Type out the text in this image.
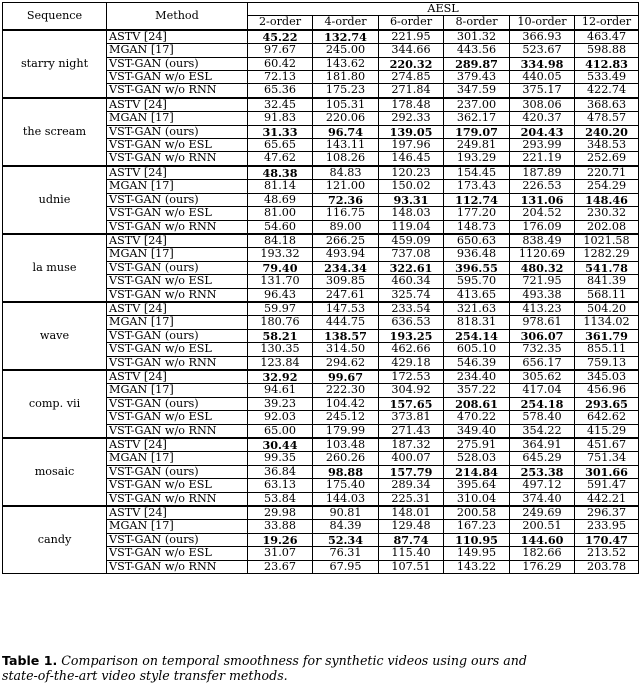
Sequence	Method	AESL					
		2-order	4-order	6-order	8-order	10-order	12-order
starry night	ASTV [24]	45.22	132.74	221.95	301.32	366.93	463.47
	MGAN [17]	97.67	245.00	344.66	443.56	523.67	598.88
	VST-GAN (ours)	60.42	143.62	220.32	289.87	334.98	412.83
	VST-GAN w/o ESL	72.13	181.80	274.85	379.43	440.05	533.49
	VST-GAN w/o RNN	65.36	175.23	271.84	347.59	375.17	422.74
the scream	ASTV [24]	32.45	105.31	178.48	237.00	308.06	368.63
	MGAN [17]	91.83	220.06	292.33	362.17	420.37	478.57
	VST-GAN (ours)	31.33	96.74	139.05	179.07	204.43	240.20
	VST-GAN w/o ESL	65.65	143.11	197.96	249.81	293.99	348.53
	VST-GAN w/o RNN	47.62	108.26	146.45	193.29	221.19	252.69
udnie	ASTV [24]	48.38	84.83	120.23	154.45	187.89	220.71
	MGAN [17]	81.14	121.00	150.02	173.43	226.53	254.29
	VST-GAN (ours)	48.69	72.36	93.31	112.74	131.06	148.46
	VST-GAN w/o ESL	81.00	116.75	148.03	177.20	204.52	230.32
	VST-GAN w/o RNN	54.60	89.00	119.04	148.73	176.09	202.08
la muse	ASTV [24]	84.18	266.25	459.09	650.63	838.49	1021.58
	MGAN [17]	193.32	493.94	737.08	936.48	1120.69	1282.29
	VST-GAN (ours)	79.40	234.34	322.61	396.55	480.32	541.78
	VST-GAN w/o ESL	131.70	309.85	460.34	595.70	721.95	841.39
	VST-GAN w/o RNN	96.43	247.61	325.74	413.65	493.38	568.11
wave	ASTV [24]	59.97	147.53	233.54	321.63	413.23	504.20
	MGAN [17]	180.76	444.75	636.53	818.31	978.61	1134.02
	VST-GAN (ours)	58.21	138.57	193.25	254.14	306.07	361.79
	VST-GAN w/o ESL	130.35	314.50	462.66	605.10	732.35	855.11
	VST-GAN w/o RNN	123.84	294.62	429.18	546.39	656.17	759.13
comp. vii	ASTV [24]	32.92	99.67	172.53	234.40	305.62	345.03
	MGAN [17]	94.61	222.30	304.92	357.22	417.04	456.96
	VST-GAN (ours)	39.23	104.42	157.65	208.61	254.18	293.65
	VST-GAN w/o ESL	92.03	245.12	373.81	470.22	578.40	642.62
	VST-GAN w/o RNN	65.00	179.99	271.43	349.40	354.22	415.29
mosaic	ASTV [24]	30.44	103.48	187.32	275.91	364.91	451.67
	MGAN [17]	99.35	260.26	400.07	528.03	645.29	751.34
	VST-GAN (ours)	36.84	98.88	157.79	214.84	253.38	301.66
	VST-GAN w/o ESL	63.13	175.40	289.34	395.64	497.12	591.47
	VST-GAN w/o RNN	53.84	144.03	225.31	310.04	374.40	442.21
candy	ASTV [24]	29.98	90.81	148.01	200.58	249.69	296.37
	MGAN [17]	33.88	84.39	129.48	167.23	200.51	233.95
	VST-GAN (ours)	19.26	52.34	87.74	110.95	144.60	170.47
	VST-GAN w/o ESL	31.07	76.31	115.40	149.95	182.66	213.52
	VST-GAN w/o RNN	23.67	67.95	107.51	143.22	176.29	203.78
Table 1. Comparison on temporal smoothness for synthetic videos using ours and
state-of-the-art video style transfer methods.
